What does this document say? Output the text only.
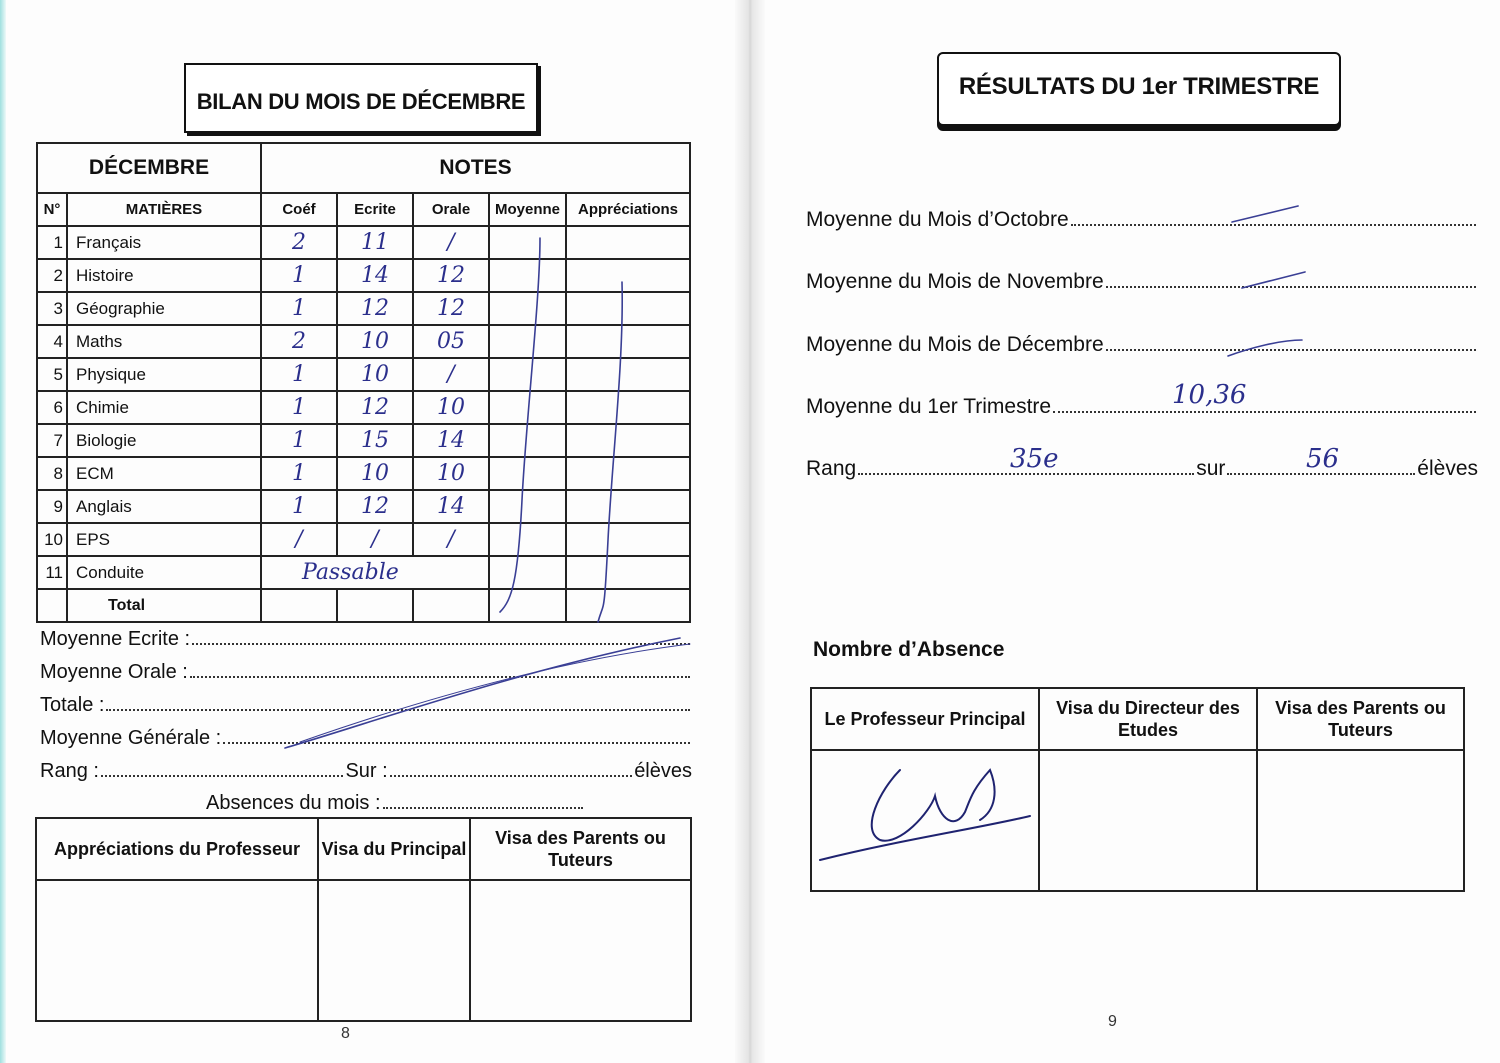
BILAN DU MOIS DE DÉCEMBRE
DÉCEMBRE		NOTES				
N°	MATIÈRES	Coéf	Ecrite	Orale	Moyenne	Appréciations
1	Français	2	11	/		
2	Histoire	1	14	12		
3	Géographie	1	12	12		
4	Maths	2	10	05		
5	Physique	1	10	/		
6	Chimie	1	12	10		
7	Biologie	1	15	14		
8	ECM	1	10	10		
9	Anglais	1	12	14		
10	EPS	/	/	/		
11	Conduite	Passable				
	Total					
Moyenne Ecrite :
Moyenne Orale :
Totale :
Moyenne Générale :
Rang :	Sur :	élèves
Absences du mois :
Appréciations du Professeur	Visa du Principal	Visa des Parents ou Tuteurs

8
RÉSULTATS DU 1er TRIMESTRE
Moyenne du Mois d’Octobre
Moyenne du Mois de Novembre
Moyenne du Mois de Décembre
Moyenne du 1er Trimestre	10,36
Rang	sur	élèves
35e	56
Nombre d’Absence
Le Professeur Principal	Visa du Directeur des Etudes	Visa des Parents ou Tuteurs

9
